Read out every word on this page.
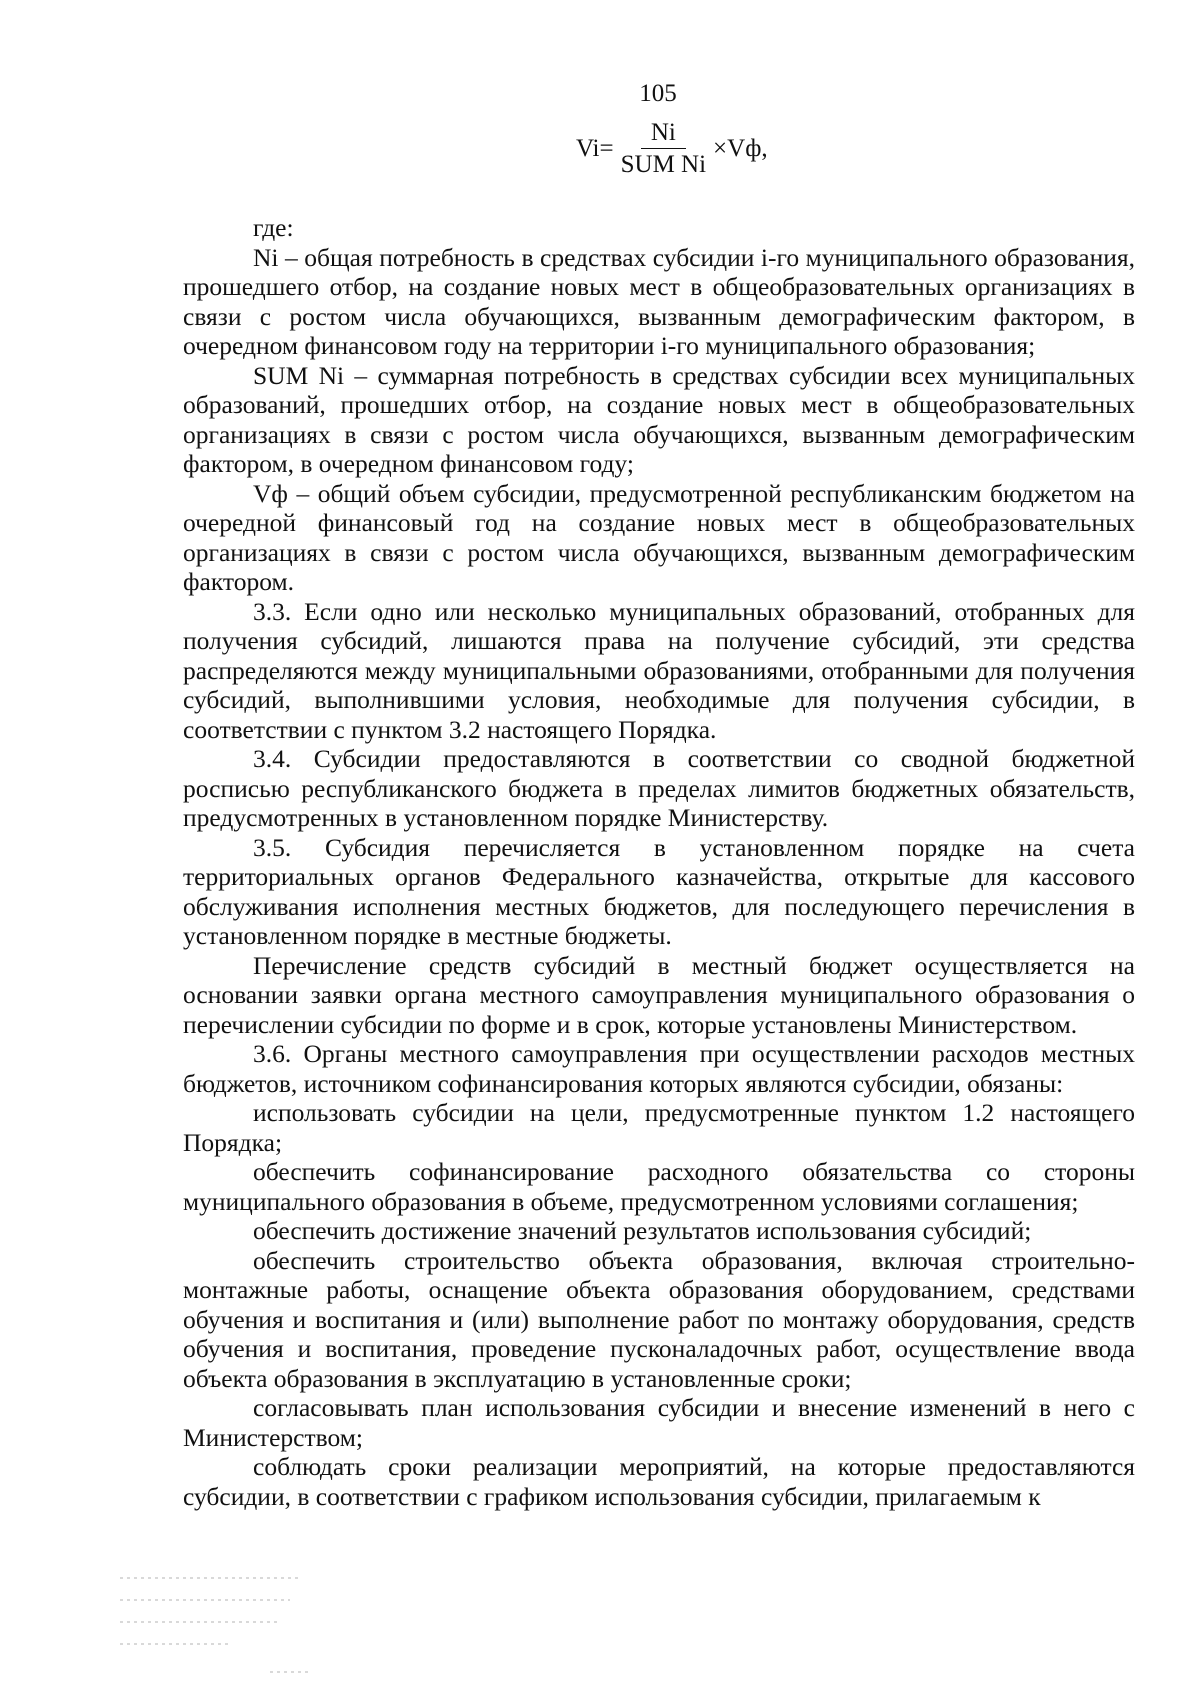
105
$Vi= \frac{Ni}{\text{SUM Ni}} \times Vф$,

где:

Ni – общая потребность в средствах субсидии i-го муниципального образования, прошедшего отбор, на создание новых мест в общеобразовательных организациях в связи с ростом числа обучающихся, вызванным демографическим фактором, в очередном финансовом году на территории i-го муниципального образования;

SUM Ni – суммарная потребность в средствах субсидии всех муниципальных образований, прошедших отбор, на создание новых мест в общеобразовательных организациях в связи с ростом числа обучающихся, вызванным демографическим фактором, в очередном финансовом году;

Vф – общий объем субсидии, предусмотренной республиканским бюджетом на очередной финансовый год на создание новых мест в общеобразовательных организациях в связи с ростом числа обучающихся, вызванным демографическим фактором.

3.3. Если одно или несколько муниципальных образований, отобранных для получения субсидий, лишаются права на получение субсидий, эти средства распределяются между муниципальными образованиями, отобранными для получения субсидий, выполнившими условия, необходимые для получения субсидии, в соответствии с пунктом 3.2 настоящего Порядка.

3.4. Субсидии предоставляются в соответствии со сводной бюджетной росписью республиканского бюджета в пределах лимитов бюджетных обязательств, предусмотренных в установленном порядке Министерству.

3.5. Субсидия перечисляется в установленном порядке на счета территориальных органов Федерального казначейства, открытые для кассового обслуживания исполнения местных бюджетов, для последующего перечисления в установленном порядке в местные бюджеты.

Перечисление средств субсидий в местный бюджет осуществляется на основании заявки органа местного самоуправления муниципального образования о перечислении субсидии по форме и в срок, которые установлены Министерством.

3.6. Органы местного самоуправления при осуществлении расходов местных бюджетов, источником софинансирования которых являются субсидии, обязаны:

использовать субсидии на цели, предусмотренные пунктом 1.2 настоящего Порядка;

обеспечить софинансирование расходного обязательства со стороны муниципального образования в объеме, предусмотренном условиями соглашения;

обеспечить достижение значений результатов использования субсидий;

обеспечить строительство объекта образования, включая строительно-монтажные работы, оснащение объекта образования оборудованием, средствами обучения и воспитания и (или) выполнение работ по монтажу оборудования, средств обучения и воспитания, проведение пусконаладочных работ, осуществление ввода объекта образования в эксплуатацию в установленные сроки;

согласовывать план использования субсидии и внесение изменений в него с Министерством;

соблюдать сроки реализации мероприятий, на которые предоставляются субсидии, в соответствии с графиком использования субсидии, прилагаемым к
